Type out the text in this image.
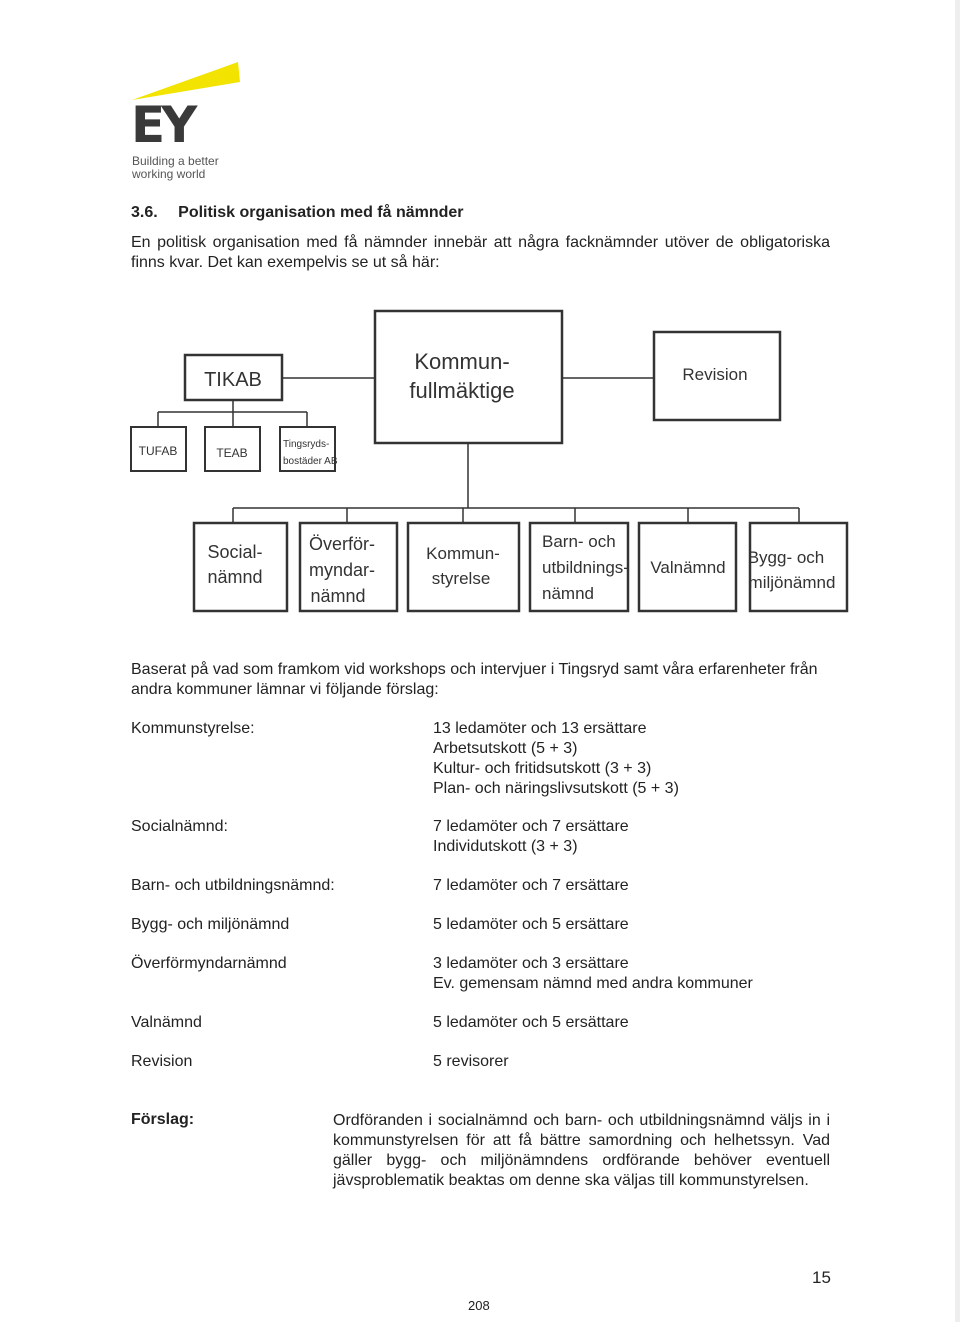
EY
Building a better
working world
3.6. Politisk organisation med få nämnder
En politisk organisation med få nämnder innebär att några facknämnder utöver de obligatoriska finns kvar. Det kan exempelvis se ut så här:
Kommun-
fullmäktige
TIKAB	Revision
TUFAB	TEAB
Tingsryds-
bostäder AB
Social-
nämnd
Överför-
myndar-
nämnd
Kommun-
styrelse
Barn- och
utbildnings-
nämnd
Valnämnd
Bygg- och
miljönämnd
Baserat på vad som framkom vid workshops och intervjuer i Tingsryd samt våra erfarenheter från andra kommuner lämnar vi följande förslag:
Kommunstyrelse:	13 ledamöter och 13 ersättare
Arbetsutskott (5 + 3)
Kultur- och fritidsutskott (3 + 3)
Plan- och näringslivsutskott (5 + 3)
Socialnämnd:	7 ledamöter och 7 ersättare
Individutskott (3 + 3)
Barn- och utbildningsnämnd:	7 ledamöter och 7 ersättare
Bygg- och miljönämnd	5 ledamöter och 5 ersättare
Överförmyndarnämnd	3 ledamöter och 3 ersättare
Ev. gemensam nämnd med andra kommuner
Valnämnd	5 ledamöter och 5 ersättare
Revision	5 revisorer
Förslag:	Ordföranden i socialnämnd och barn- och utbildningsnämnd väljs in i kommunstyrelsen för att få bättre samordning och helhetssyn. Vad gäller bygg- och miljönämndens ordförande behöver eventuell jävsproblematik beaktas om denne ska väljas till kommunstyrelsen.
15
208
